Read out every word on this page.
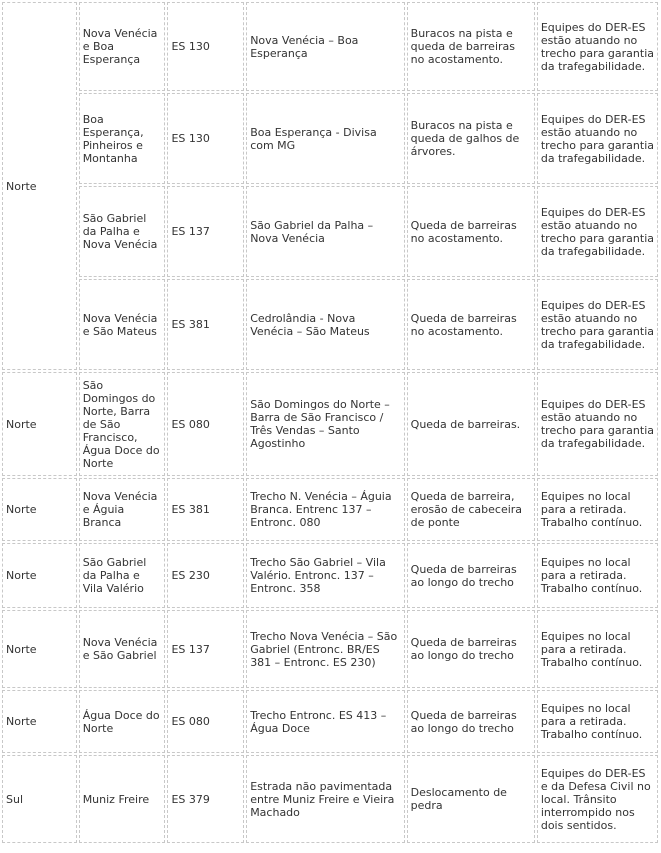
Norte	Nova Venécia e Boa Esperança	ES 130	Nova Venécia – Boa Esperança	Buracos na pista e queda de barreiras no acostamento.	Equipes do DER-ES estão atuando no trecho para garantia da trafegabilidade.
	Boa Esperança, Pinheiros e Montanha	ES 130	Boa Esperança - Divisa com MG	Buracos na pista e queda de galhos de árvores.	Equipes do DER-ES estão atuando no trecho para garantia da trafegabilidade.
	São Gabriel da Palha e Nova Venécia	ES 137	São Gabriel da Palha – Nova Venécia	Queda de barreiras no acostamento.	Equipes do DER-ES estão atuando no trecho para garantia da trafegabilidade.
	Nova Venécia e São Mateus	ES 381	Cedrolândia - Nova Venécia – São Mateus	Queda de barreiras no acostamento.	Equipes do DER-ES estão atuando no trecho para garantia da trafegabilidade.
Norte	São Domingos do Norte, Barra de São Francisco, Água Doce do Norte	ES 080	São Domingos do Norte – Barra de São Francisco / Três Vendas – Santo Agostinho	Queda de barreiras.	Equipes do DER-ES estão atuando no trecho para garantia da trafegabilidade.
Norte	Nova Venécia e Águia Branca	ES 381	Trecho N. Venécia – Águia Branca. Entrenc 137 – Entronc. 080	Queda de barreira, erosão de cabeceira de ponte	Equipes no local para a retirada. Trabalho contínuo.
Norte	São Gabriel da Palha e Vila Valério	ES 230	Trecho São Gabriel – Vila Valério. Entronc. 137 – Entronc. 358	Queda de barreiras ao longo do trecho	Equipes no local para a retirada. Trabalho contínuo.
Norte	Nova Venécia e São Gabriel	ES 137	Trecho Nova Venécia – São Gabriel (Entronc. BR/ES 381 – Entronc. ES 230)	Queda de barreiras ao longo do trecho	Equipes no local para a retirada. Trabalho contínuo.
Norte	Água Doce do Norte	ES 080	Trecho Entronc. ES 413 – Água Doce	Queda de barreiras ao longo do trecho	Equipes no local para a retirada. Trabalho contínuo.
Sul	Muniz Freire	ES 379	Estrada não pavimentada entre Muniz Freire e Vieira Machado	Deslocamento de pedra	Equipes do DER-ES e da Defesa Civil no local. Trânsito interrompido nos dois sentidos.
